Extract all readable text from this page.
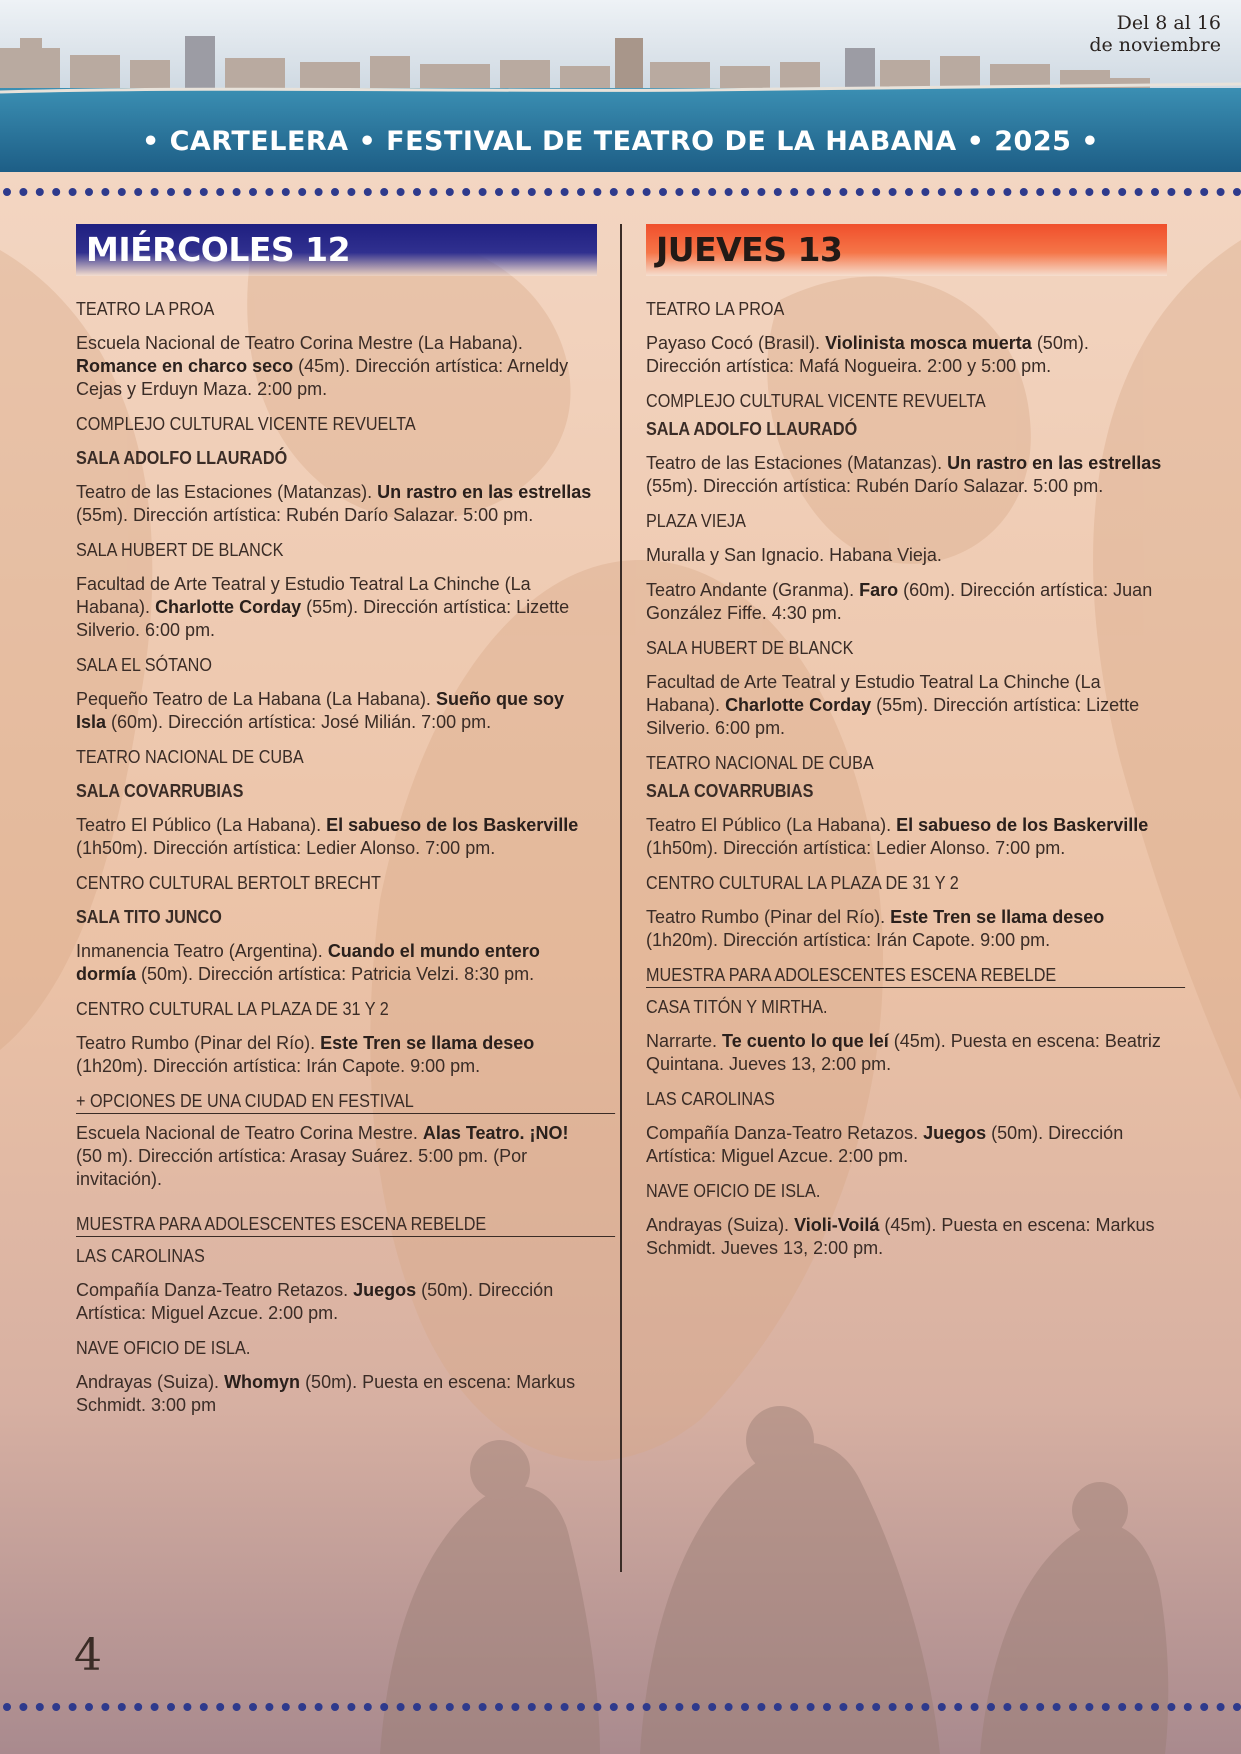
Del 8 al 16
de noviembre
• CARTELERA • FESTIVAL DE TEATRO DE LA HABANA • 2025 •
MIÉRCOLES 12
TEATRO LA PROA

Escuela Nacional de Teatro Corina Mestre (La Habana). Romance en charco seco (45m). Dirección artística: Arneldy Cejas y Erduyn Maza. 2:00 pm.

COMPLEJO CULTURAL VICENTE REVUELTA
SALA ADOLFO LLAURADÓ

Teatro de las Estaciones (Matanzas). Un rastro en las estrellas (55m). Dirección artística: Rubén Darío Salazar. 5:00 pm.

SALA HUBERT DE BLANCK

Facultad de Arte Teatral y Estudio Teatral La Chinche (La Habana). Charlotte Corday (55m). Dirección artística: Lizette Silverio. 6:00 pm.

SALA EL SÓTANO

Pequeño Teatro de La Habana (La Habana). Sueño que soy Isla (60m). Dirección artística: José Milián. 7:00 pm.

TEATRO NACIONAL DE CUBA
SALA COVARRUBIAS

Teatro El Público (La Habana). El sabueso de los Baskerville (1h50m). Dirección artística: Ledier Alonso. 7:00 pm.

CENTRO CULTURAL BERTOLT BRECHT
SALA TITO JUNCO

Inmanencia Teatro (Argentina). Cuando el mundo entero dormía (50m). Dirección artística: Patricia Velzi. 8:30 pm.

CENTRO CULTURAL LA PLAZA DE 31 Y 2

Teatro Rumbo (Pinar del Río). Este Tren se llama deseo (1h20m). Dirección artística: Irán Capote. 9:00 pm.

+ OPCIONES DE UNA CIUDAD EN FESTIVAL

Escuela Nacional de Teatro Corina Mestre. Alas Teatro. ¡NO! (50 m). Dirección artística: Arasay Suárez. 5:00 pm. (Por invitación).

MUESTRA PARA ADOLESCENTES ESCENA REBELDE
LAS CAROLINAS

Compañía Danza-Teatro Retazos. Juegos (50m). Dirección Artística: Miguel Azcue. 2:00 pm.

NAVE OFICIO DE ISLA.

Andrayas (Suiza). Whomyn (50m). Puesta en escena: Markus Schmidt. 3:00 pm

JUEVES 13
TEATRO LA PROA

Payaso Cocó (Brasil). Violinista mosca muerta (50m). Dirección artística: Mafá Nogueira. 2:00 y 5:00 pm.

COMPLEJO CULTURAL VICENTE REVUELTA
SALA ADOLFO LLAURADÓ

Teatro de las Estaciones (Matanzas). Un rastro en las estrellas (55m). Dirección artística: Rubén Darío Salazar. 5:00 pm.

PLAZA VIEJA

Muralla y San Ignacio. Habana Vieja.

Teatro Andante (Granma). Faro (60m). Dirección artística: Juan González Fiffe. 4:30 pm.

SALA HUBERT DE BLANCK

Facultad de Arte Teatral y Estudio Teatral La Chinche (La Habana). Charlotte Corday (55m). Dirección artística: Lizette Silverio. 6:00 pm.

TEATRO NACIONAL DE CUBA
SALA COVARRUBIAS

Teatro El Público (La Habana). El sabueso de los Baskerville (1h50m). Dirección artística: Ledier Alonso. 7:00 pm.

CENTRO CULTURAL LA PLAZA DE 31 Y 2

Teatro Rumbo (Pinar del Río). Este Tren se llama deseo (1h20m). Dirección artística: Irán Capote. 9:00 pm.

MUESTRA PARA ADOLESCENTES ESCENA REBELDE
CASA TITÓN Y MIRTHA.

Narrarte. Te cuento lo que leí (45m). Puesta en escena: Beatriz Quintana. Jueves 13, 2:00 pm.

LAS CAROLINAS

Compañía Danza-Teatro Retazos. Juegos (50m). Dirección Artística: Miguel Azcue. 2:00 pm.

NAVE OFICIO DE ISLA.

Andrayas (Suiza). Violi-Voilá (45m). Puesta en escena: Markus Schmidt. Jueves 13, 2:00 pm.

4
